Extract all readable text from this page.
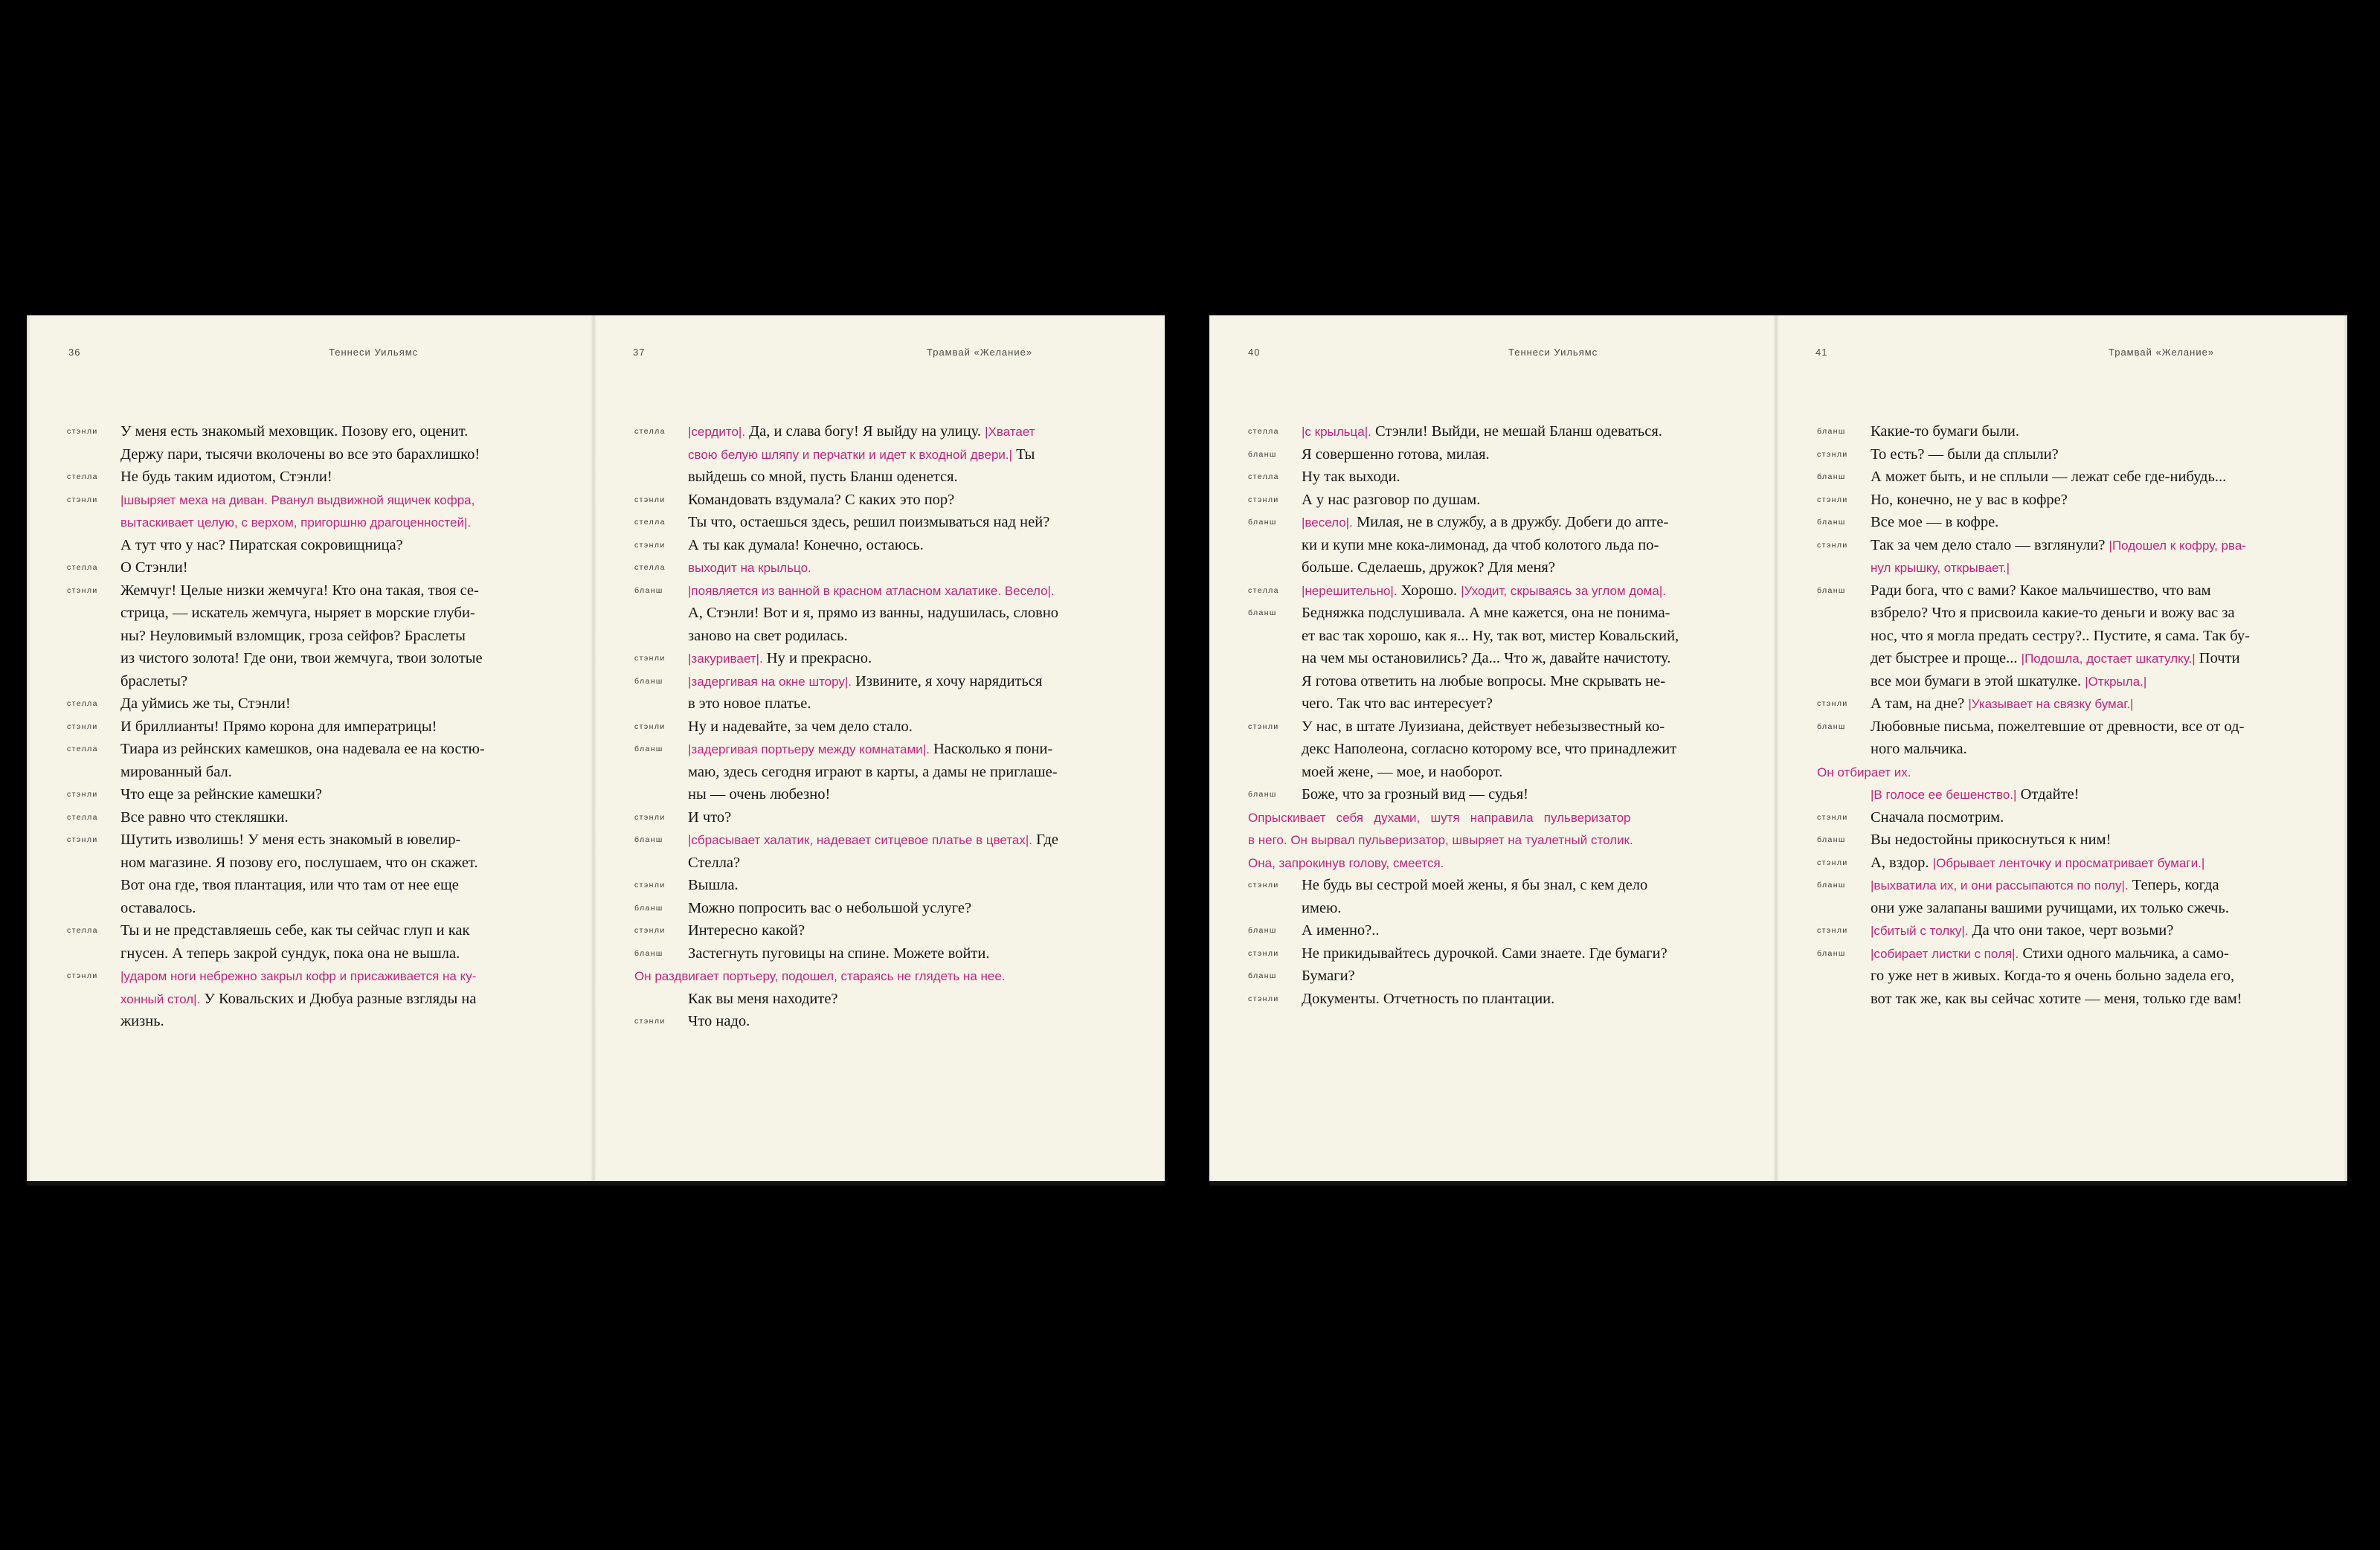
36	Теннеси Уильямс
стэнли	У меня есть знакомый меховщик. Позову его, оценит.
Держу пари, тысячи вколочены во все это барахлишко!
стелла	Не будь таким идиотом, Стэнли!
стэнли	|швыряет меха на диван. Рванул выдвижной ящичек кофра,
вытаскивает целую, с верхом, пригоршню драгоценностей|.
А тут что у нас? Пиратская сокровищница?
стелла	О Стэнли!
стэнли	Жемчуг! Целые низки жемчуга! Кто она такая, твоя се-
стрица, — искатель жемчуга, ныряет в морские глуби-
ны? Неуловимый взломщик, гроза сейфов? Браслеты
из чистого золота! Где они, твои жемчуга, твои золотые
браслеты?
стелла	Да уймись же ты, Стэнли!
стэнли	И бриллианты! Прямо корона для императрицы!
стелла	Тиара из рейнских камешков, она надевала ее на костю-
мированный бал.
стэнли	Что еще за рейнские камешки?
стелла	Все равно что стекляшки.
стэнли	Шутить изволишь! У меня есть знакомый в ювелир-
ном магазине. Я позову его, послушаем, что он скажет.
Вот она где, твоя плантация, или что там от нее еще
оставалось.
стелла	Ты и не представляешь себе, как ты сейчас глуп и как
гнусен. А теперь закрой сундук, пока она не вышла.
стэнли	|ударом ноги небрежно закрыл кофр и присаживается на ку-
хонный стол|. У Ковальских и Дюбуа разные взгляды на
жизнь.
37	Трамвай «Желание»
стелла	|сердито|. Да, и слава богу! Я выйду на улицу. |Хватает
свою белую шляпу и перчатки и идет к входной двери.| Ты
выйдешь со мной, пусть Бланш оденется.
стэнли	Командовать вздумала? С каких это пор?
стелла	Ты что, остаешься здесь, решил поизмываться над ней?
стэнли	А ты как думала! Конечно, остаюсь.
стелла	выходит на крыльцо.
бланш	|появляется из ванной в красном атласном халатике. Весело|.
А, Стэнли! Вот и я, прямо из ванны, надушилась, словно
заново на свет родилась.
стэнли	|закуривает|. Ну и прекрасно.
бланш	|задергивая на окне штору|. Извините, я хочу нарядиться
в это новое платье.
стэнли	Ну и надевайте, за чем дело стало.
бланш	|задергивая портьеру между комнатами|. Насколько я пони-
маю, здесь сегодня играют в карты, а дамы не приглаше-
ны — очень любезно!
стэнли	И что?
бланш	|сбрасывает халатик, надевает ситцевое платье в цветах|. Где
Стелла?
стэнли	Вышла.
бланш	Можно попросить вас о небольшой услуге?
стэнли	Интересно какой?
бланш	Застегнуть пуговицы на спине. Можете войти.
Он раздвигает портьеру, подошел, стараясь не глядеть на нее.
Как вы меня находите?
стэнли	Что надо.
40	Теннеси Уильямс
стелла	|с крыльца|. Стэнли! Выйди, не мешай Бланш одеваться.
бланш	Я совершенно готова, милая.
стелла	Ну так выходи.
стэнли	А у нас разговор по душам.
бланш	|весело|. Милая, не в службу, а в дружбу. Добеги до апте-
ки и купи мне кока-лимонад, да чтоб колотого льда по-
больше. Сделаешь, дружок? Для меня?
стелла	|нерешительно|. Хорошо. |Уходит, скрываясь за углом дома|.
бланш	Бедняжка подслушивала. А мне кажется, она не понима-
ет вас так хорошо, как я... Ну, так вот, мистер Ковальский,
на чем мы остановились? Да... Что ж, давайте начистоту.
Я готова ответить на любые вопросы. Мне скрывать не-
чего. Так что вас интересует?
стэнли	У нас, в штате Луизиана, действует небезызвестный ко-
декс Наполеона, согласно которому все, что принадлежит
моей жене, — мое, и наоборот.
бланш	Боже, что за грозный вид — судья!
Опрыскивает   себя   духами,   шутя   направила   пульверизатор
в него. Он вырвал пульверизатор, швыряет на туалетный столик.
Она, запрокинув голову, смеется.
стэнли	Не будь вы сестрой моей жены, я бы знал, с кем дело
имею.
бланш	А именно?..
стэнли	Не прикидывайтесь дурочкой. Сами знаете. Где бумаги?
бланш	Бумаги?
стэнли	Документы. Отчетность по плантации.
41	Трамвай «Желание»
бланш	Какие-то бумаги были.
стэнли	То есть? — были да сплыли?
бланш	А может быть, и не сплыли — лежат себе где-нибудь...
стэнли	Но, конечно, не у вас в кофре?
бланш	Все мое — в кофре.
стэнли	Так за чем дело стало — взглянули? |Подошел к кофру, рва-
нул крышку, открывает.|
бланш	Ради бога, что с вами? Какое мальчишество, что вам
взбрело? Что я присвоила какие-то деньги и вожу вас за
нос, что я могла предать сестру?.. Пустите, я сама. Так бу-
дет быстрее и проще... |Подошла, достает шкатулку.| Почти
все мои бумаги в этой шкатулке. |Открыла.|
стэнли	А там, на дне? |Указывает на связку бумаг.|
бланш	Любовные письма, пожелтевшие от древности, все от од-
ного мальчика.
Он отбирает их.
|В голосе ее бешенство.| Отдайте!
стэнли	Сначала посмотрим.
бланш	Вы недостойны прикоснуться к ним!
стэнли	А, вздор. |Обрывает ленточку и просматривает бумаги.|
бланш	|выхватила их, и они рассыпаются по полу|. Теперь, когда
они уже залапаны вашими ручищами, их только сжечь.
стэнли	|сбитый с толку|. Да что они такое, черт возьми?
бланш	|собирает листки с поля|. Стихи одного мальчика, а само-
го уже нет в живых. Когда-то я очень больно задела его,
вот так же, как вы сейчас хотите — меня, только где вам!
